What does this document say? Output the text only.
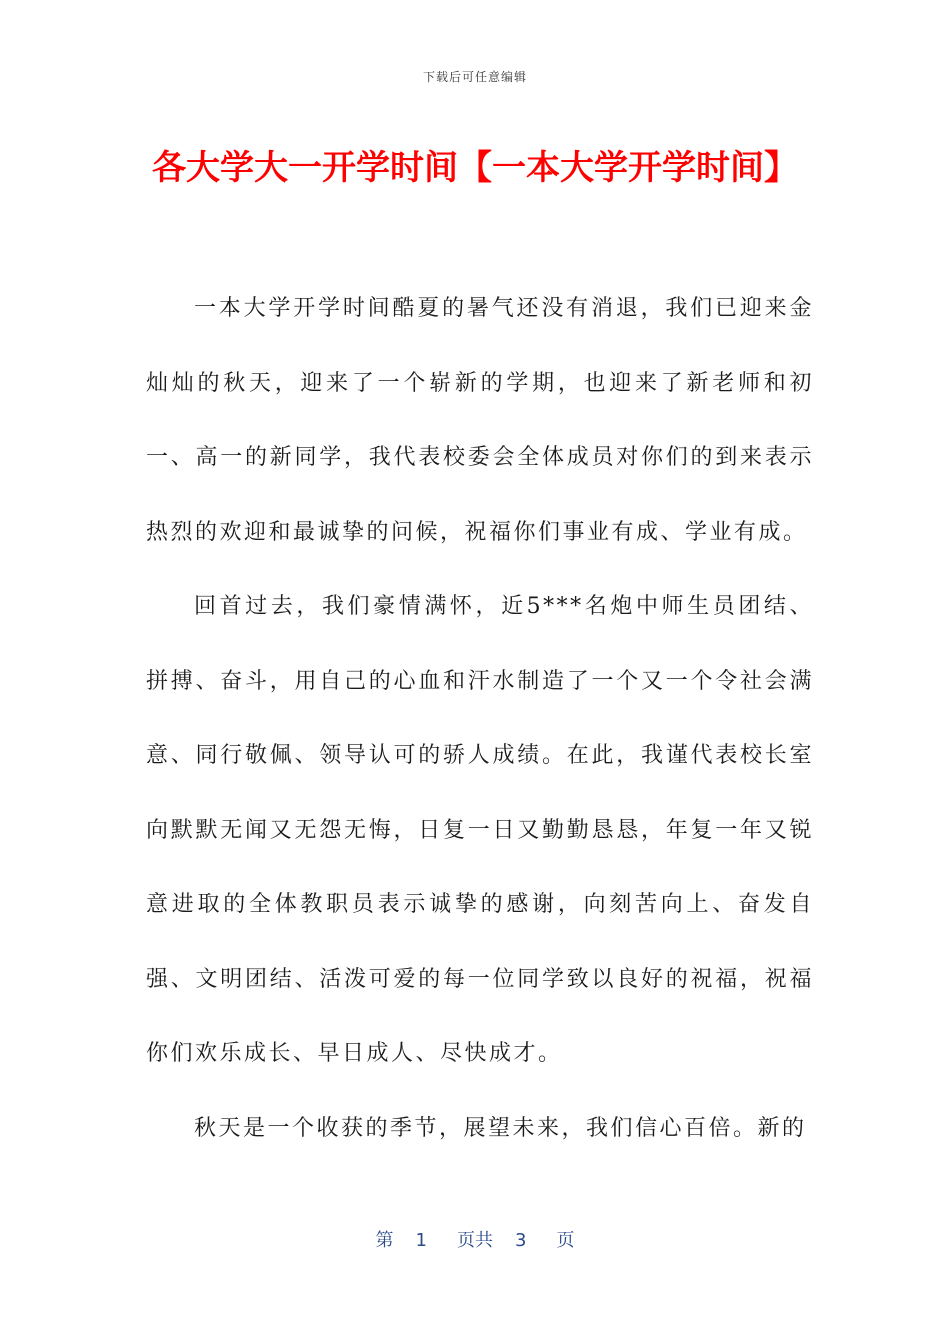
下载后可任意编辑
各大学大一开学时间【一本大学开学时间】

一本大学开学时间酷夏的暑气还没有消退，我们已迎来金灿灿的秋天，迎来了一个崭新的学期，也迎来了新老师和初一、高一的新同学，我代表校委会全体成员对你们的到来表示热烈的欢迎和最诚挚的问候，祝福你们事业有成、学业有成。

回首过去，我们豪情满怀，近5***名炮中师生员团结、拼搏、奋斗，用自己的心血和汗水制造了一个又一个令社会满意、同行敬佩、领导认可的骄人成绩。在此，我谨代表校长室向默默无闻又无怨无悔，日复一日又勤勤恳恳，年复一年又锐意进取的全体教职员表示诚挚的感谢，向刻苦向上、奋发自强、文明团结、活泼可爱的每一位同学致以良好的祝福，祝福你们欢乐成长、早日成人、尽快成才。

秋天是一个收获的季节，展望未来，我们信心百倍。新的

第 1 页共 3 页
